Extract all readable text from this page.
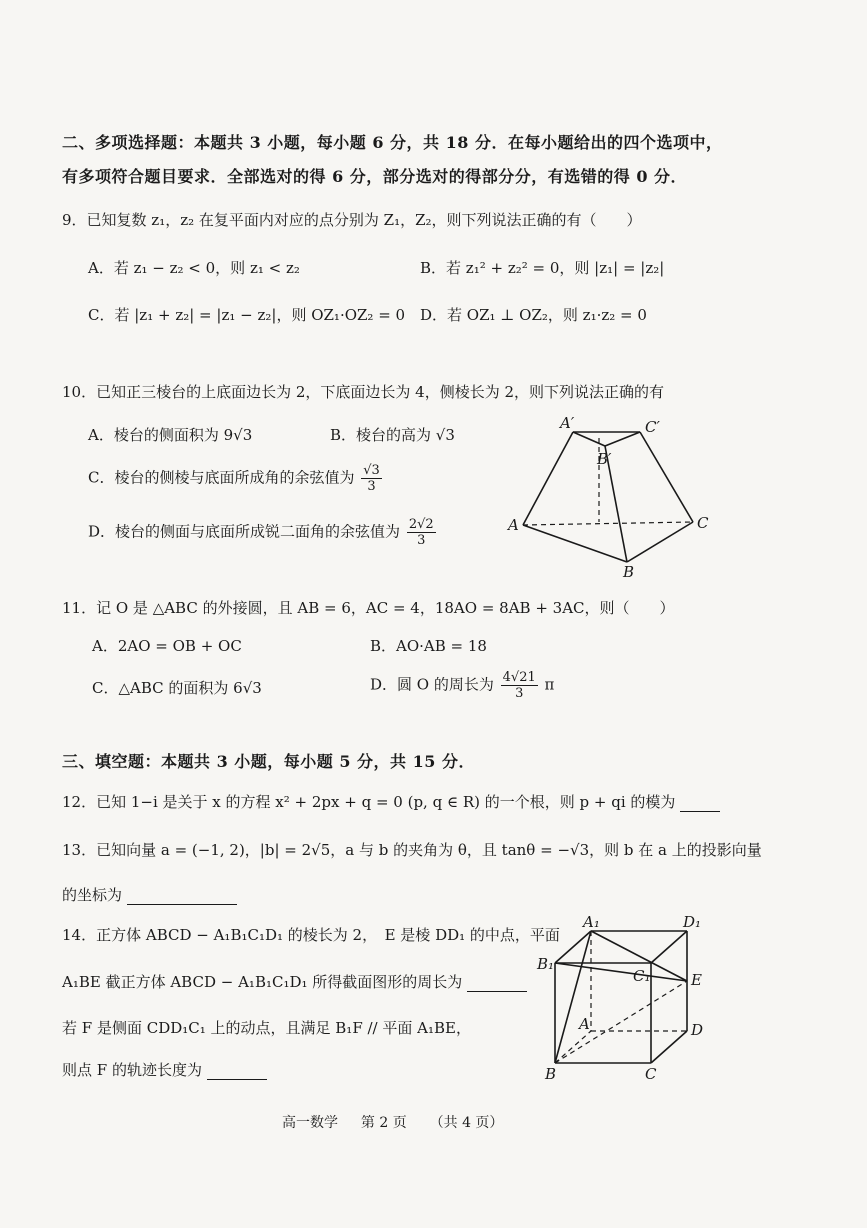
二、多项选择题：本题共 3 小题，每小题 6 分，共 18 分．在每小题给出的四个选项中，
有多项符合题目要求．全部选对的得 6 分，部分选对的得部分分，有选错的得 0 分．
9．已知复数 z₁，z₂ 在复平面内对应的点分别为 Z₁，Z₂，则下列说法正确的有（　　）
A．若 z₁ − z₂ < 0，则 z₁ < z₂	B．若 z₁² + z₂² = 0，则 |z₁| = |z₂|
C．若 |z₁ + z₂| = |z₁ − z₂|，则 OZ₁·OZ₂ = 0 D．若 OZ₁ ⊥ OZ₂，则 z₁·z₂ = 0
10．已知正三棱台的上底面边长为 2，下底面边长为 4，侧棱长为 2，则下列说法正确的有
A．棱台的侧面积为 9√3	B．棱台的高为 √3
C．棱台的侧棱与底面所成角的余弦值为 $\frac{√3}{3}$
D．棱台的侧面与底面所成锐二面角的余弦值为 $\frac{2√2}{3}$
A′	C′
B′
A	C
B
11．记 O 是 △ABC 的外接圆，且 AB = 6，AC = 4，18AO = 8AB + 3AC，则（　　）
A．2AO = OB + OC	B．AO·AB = 18
C．△ABC 的面积为 6√3	D．圆 O 的周长为 $\frac{4√21}{3}$ π
三、填空题：本题共 3 小题，每小题 5 分，共 15 分．
12．已知 1−i 是关于 x 的方程 x² + 2px + q = 0 (p, q ∈ R) 的一个根，则 p + qi 的模为
13．已知向量 a = (−1, 2)，|b| = 2√5，a 与 b 的夹角为 θ，且 tanθ = −√3，则 b 在 a 上的投影向量
的坐标为
14．正方体 ABCD − A₁B₁C₁D₁ 的棱长为 2，　E 是棱 DD₁ 的中点，平面
A₁BE 截正方体 ABCD − A₁B₁C₁D₁ 所得截面图形的周长为
若 F 是侧面 CDD₁C₁ 上的动点，且满足 B₁F // 平面 A₁BE，
则点 F 的轨迹长度为
A₁	D₁
B₁
C₁	E
A	D
B	C
高一数学 第 2 页 （共 4 页）
